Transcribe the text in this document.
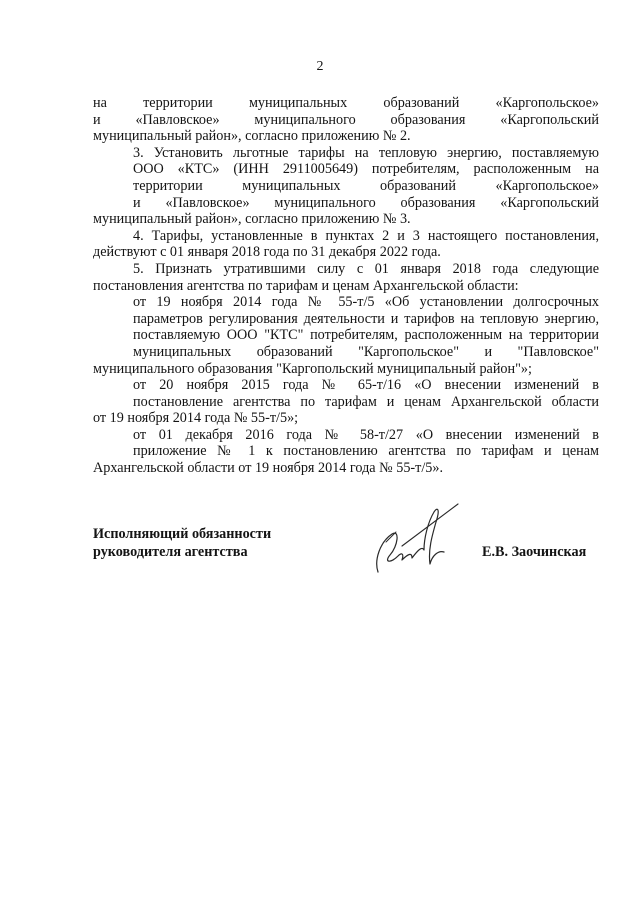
2
на территории муниципальных образований «Каргопольское»
и «Павловское» муниципального образования «Каргопольский
муниципальный район», согласно приложению № 2.
3. Установить льготные тарифы на тепловую энергию, поставляемую
ООО «КТС» (ИНН 2911005649) потребителям, расположенным на
территории муниципальных образований «Каргопольское»
и «Павловское» муниципального образования «Каргопольский
муниципальный район», согласно приложению № 3.
4. Тарифы, установленные в пунктах 2 и 3 настоящего постановления,
действуют с 01 января 2018 года по 31 декабря 2022 года.
5. Признать утратившими силу с 01 января 2018 года следующие
постановления агентства по тарифам и ценам Архангельской области:
от 19 ноября 2014 года № 55-т/5 «Об установлении долгосрочных
параметров регулирования деятельности и тарифов на тепловую энергию,
поставляемую ООО "КТС" потребителям, расположенным на территории
муниципальных образований "Каргопольское" и "Павловское"
муниципального образования "Каргопольский муниципальный район"»;
от 20 ноября 2015 года № 65-т/16 «О внесении изменений в
постановление агентства по тарифам и ценам Архангельской области
от 19 ноября 2014 года № 55-т/5»;
от 01 декабря 2016 года № 58-т/27 «О внесении изменений в
приложение № 1 к постановлению агентства по тарифам и ценам
Архангельской области от 19 ноября 2014 года № 55-т/5».
Исполняющий обязанности
руководителя агентства	Е.В. Заочинская
